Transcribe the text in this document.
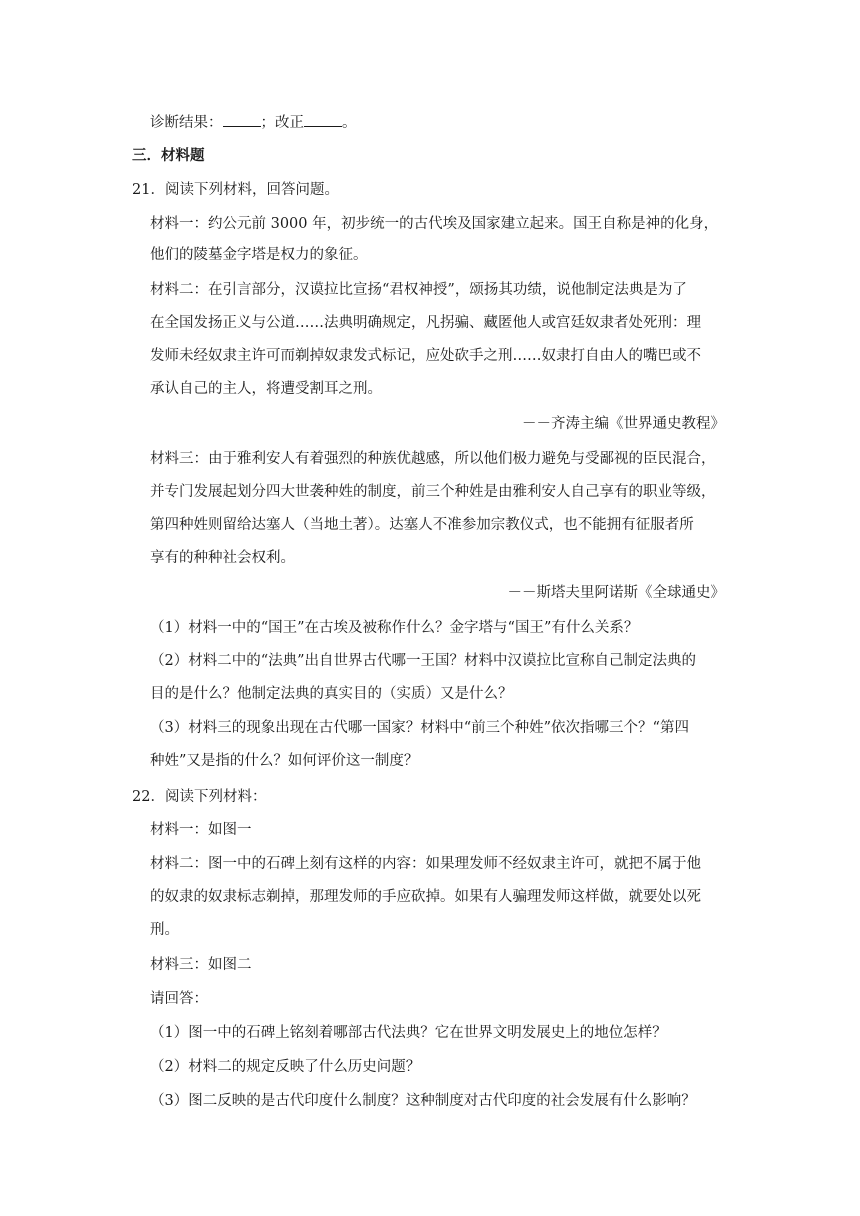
诊断结果：	；改正	。
三．材料题
21．阅读下列材料，回答问题。
材料一：约公元前 3000 年，初步统一的古代埃及国家建立起来。国王自称是神的化身，
他们的陵墓金字塔是权力的象征。
材料二：在引言部分，汉谟拉比宣扬“君权神授”，颂扬其功绩，说他制定法典是为了
在全国发扬正义与公道……法典明确规定，凡拐骗、藏匿他人或宫廷奴隶者处死刑：理
发师未经奴隶主许可而剃掉奴隶发式标记，应处砍手之刑……奴隶打自由人的嘴巴或不
承认自己的主人，将遭受割耳之刑。
－－齐涛主编《世界通史教程》
材料三：由于雅利安人有着强烈的种族优越感，所以他们极力避免与受鄙视的臣民混合，
并专门发展起划分四大世袭种姓的制度，前三个种姓是由雅利安人自己享有的职业等级，
第四种姓则留给达塞人（当地土著）。达塞人不准参加宗教仪式，也不能拥有征服者所
享有的种种社会权利。
－－斯塔夫里阿诺斯《全球通史》
（1）材料一中的“国王”在古埃及被称作什么？金字塔与“国王”有什么关系？
（2）材料二中的“法典”出自世界古代哪一王国？材料中汉谟拉比宣称自己制定法典的
目的是什么？他制定法典的真实目的（实质）又是什么？
（3）材料三的现象出现在古代哪一国家？材料中“前三个种姓”依次指哪三个？“第四
种姓”又是指的什么？如何评价这一制度？
22．阅读下列材料：
材料一：如图一
材料二：图一中的石碑上刻有这样的内容：如果理发师不经奴隶主许可，就把不属于他
的奴隶的奴隶标志剃掉，那理发师的手应砍掉。如果有人骗理发师这样做，就要处以死
刑。
材料三：如图二
请回答：
（1）图一中的石碑上铭刻着哪部古代法典？它在世界文明发展史上的地位怎样？
（2）材料二的规定反映了什么历史问题？
（3）图二反映的是古代印度什么制度？这种制度对古代印度的社会发展有什么影响？
